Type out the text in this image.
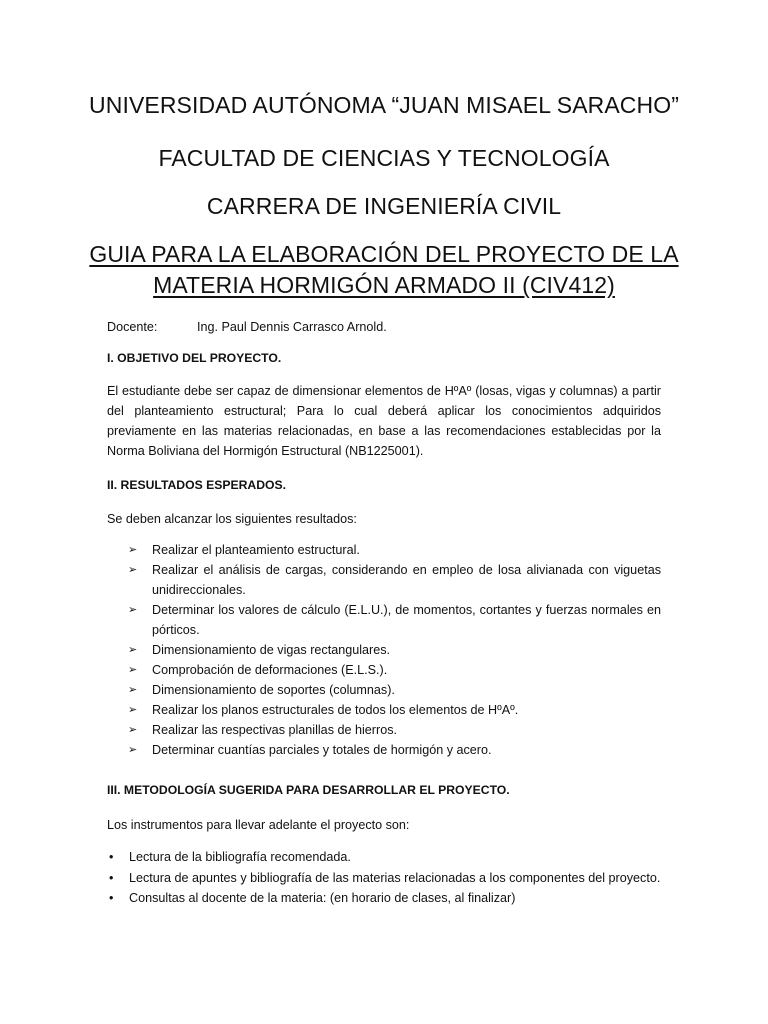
UNIVERSIDAD AUTÓNOMA “JUAN MISAEL SARACHO”
FACULTAD DE CIENCIAS Y TECNOLOGÍA
CARRERA DE INGENIERÍA CIVIL
GUIA PARA LA ELABORACIÓN DEL PROYECTO DE LA
MATERIA HORMIGÓN ARMADO II (CIV412)
Docente:	Ing. Paul Dennis Carrasco Arnold.
I. OBJETIVO DEL PROYECTO.
El estudiante debe ser capaz de dimensionar elementos de HºAº (losas, vigas y columnas) a partir del planteamiento estructural; Para lo cual deberá aplicar los conocimientos adquiridos previamente en las materias relacionadas, en base a las recomendaciones establecidas por la Norma Boliviana del Hormigón Estructural (NB1225001).
II. RESULTADOS ESPERADOS.
Se deben alcanzar los siguientes resultados:
➢ Realizar el planteamiento estructural.
➢ Realizar el análisis de cargas, considerando en empleo de losa alivianada con viguetas unidireccionales.
➢ Determinar los valores de cálculo (E.L.U.), de momentos, cortantes y fuerzas normales en pórticos.
➢ Dimensionamiento de vigas rectangulares.
➢ Comprobación de deformaciones (E.L.S.).
➢ Dimensionamiento de soportes (columnas).
➢ Realizar los planos estructurales de todos los elementos de HºAº.
➢ Realizar las respectivas planillas de hierros.
➢ Determinar cuantías parciales y totales de hormigón y acero.
III. METODOLOGÍA SUGERIDA PARA DESARROLLAR EL PROYECTO.
Los instrumentos para llevar adelante el proyecto son:
• Lectura de la bibliografía recomendada.
• Lectura de apuntes y bibliografía de las materias relacionadas a los componentes del proyecto.
• Consultas al docente de la materia: (en horario de clases, al finalizar)
